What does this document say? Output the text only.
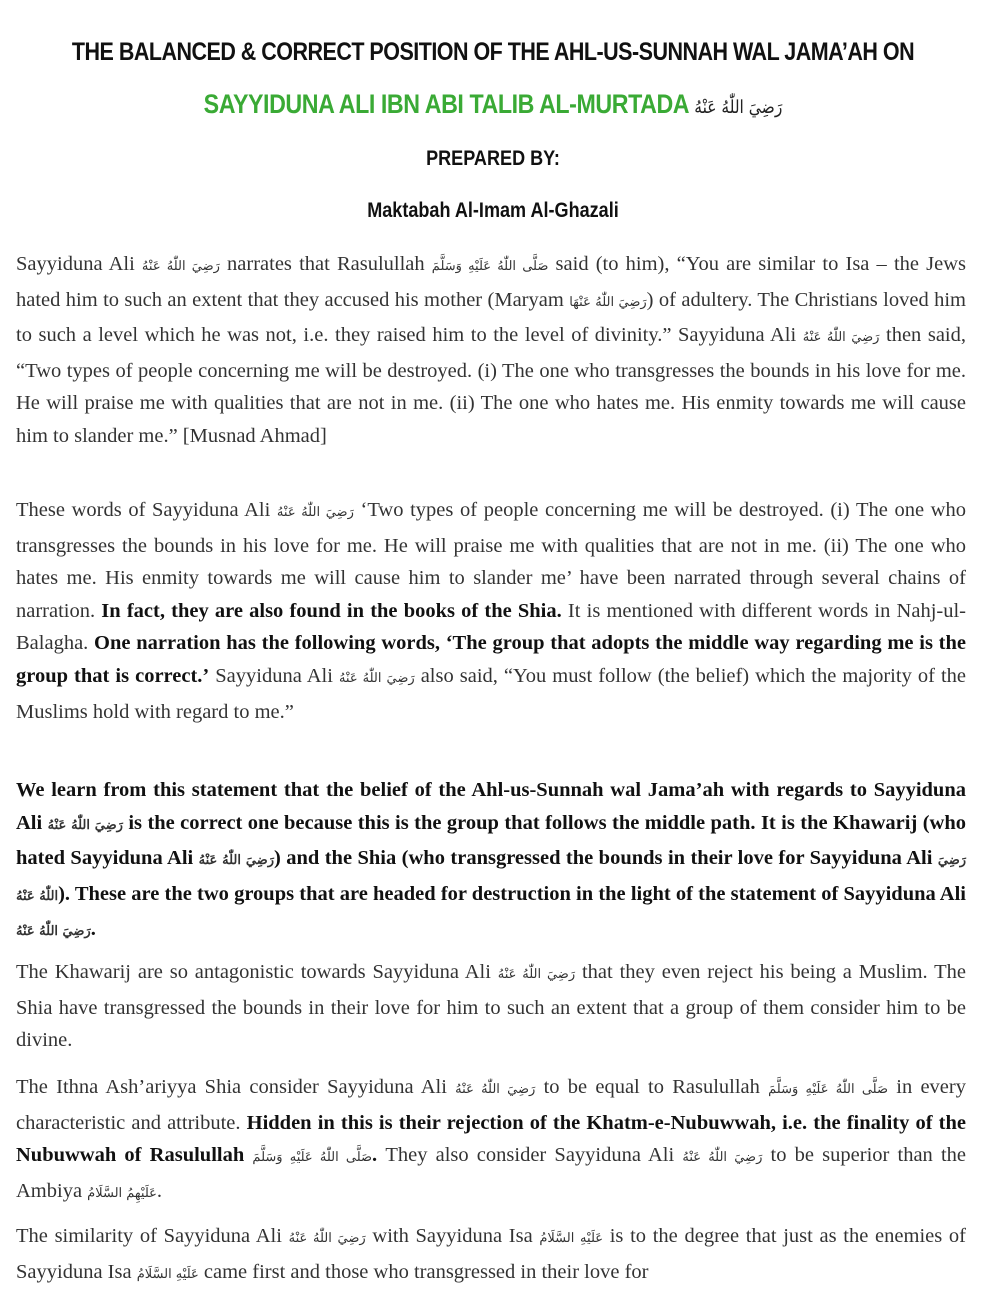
THE BALANCED & CORRECT POSITION OF THE AHL-US-SUNNAH WAL JAMA’AH ON
SAYYIDUNA ALI IBN ABI TALIB AL-MURTADA رَضِيَ اللّٰهُ عَنْهُ
PREPARED BY:
Maktabah Al-Imam Al-Ghazali

Sayyiduna Ali رَضِيَ اللّٰهُ عَنْهُ narrates that Rasulullah صَلَّى اللّٰهُ عَلَيْهِ وَسَلَّمَ said (to him), “You are similar to Isa – the Jews hated him to such an extent that they accused his mother (Maryam رَضِيَ اللّٰهُ عَنْهَا) of adultery. The Christians loved him to such a level which he was not, i.e. they raised him to the level of divinity.” Sayyiduna Ali رَضِيَ اللّٰهُ عَنْهُ then said, “Two types of people concerning me will be destroyed. (i) The one who transgresses the bounds in his love for me. He will praise me with qualities that are not in me. (ii) The one who hates me. His enmity towards me will cause him to slander me.” [Musnad Ahmad]

These words of Sayyiduna Ali رَضِيَ اللّٰهُ عَنْهُ ‘Two types of people concerning me will be destroyed. (i) The one who transgresses the bounds in his love for me. He will praise me with qualities that are not in me. (ii) The one who hates me. His enmity towards me will cause him to slander me’ have been narrated through several chains of narration. In fact, they are also found in the books of the Shia. It is mentioned with different words in Nahj-ul-Balagha. One narration has the following words, ‘The group that adopts the middle way regarding me is the group that is correct.’ Sayyiduna Ali رَضِيَ اللّٰهُ عَنْهُ also said, “You must follow (the belief) which the majority of the Muslims hold with regard to me.”

We learn from this statement that the belief of the Ahl-us-Sunnah wal Jama’ah with regards to Sayyiduna Ali رَضِيَ اللّٰهُ عَنْهُ is the correct one because this is the group that follows the middle path. It is the Khawarij (who hated Sayyiduna Ali رَضِيَ اللّٰهُ عَنْهُ) and the Shia (who transgressed the bounds in their love for Sayyiduna Ali رَضِيَ اللّٰهُ عَنْهُ). These are the two groups that are headed for destruction in the light of the statement of Sayyiduna Ali رَضِيَ اللّٰهُ عَنْهُ.

The Khawarij are so antagonistic towards Sayyiduna Ali رَضِيَ اللّٰهُ عَنْهُ that they even reject his being a Muslim. The Shia have transgressed the bounds in their love for him to such an extent that a group of them consider him to be divine.

The Ithna Ash’ariyya Shia consider Sayyiduna Ali رَضِيَ اللّٰهُ عَنْهُ to be equal to Rasulullah صَلَّى اللّٰهُ عَلَيْهِ وَسَلَّمَ in every characteristic and attribute. Hidden in this is their rejection of the Khatm-e-Nubuwwah, i.e. the finality of the Nubuwwah of Rasulullah صَلَّى اللّٰهُ عَلَيْهِ وَسَلَّمَ. They also consider Sayyiduna Ali رَضِيَ اللّٰهُ عَنْهُ to be superior than the Ambiya عَلَيْهِمُ السَّلَامُ.

The similarity of Sayyiduna Ali رَضِيَ اللّٰهُ عَنْهُ with Sayyiduna Isa عَلَيْهِ السَّلَامُ is to the degree that just as the enemies of Sayyiduna Isa عَلَيْهِ السَّلَامُ came first and those who transgressed in their love for
